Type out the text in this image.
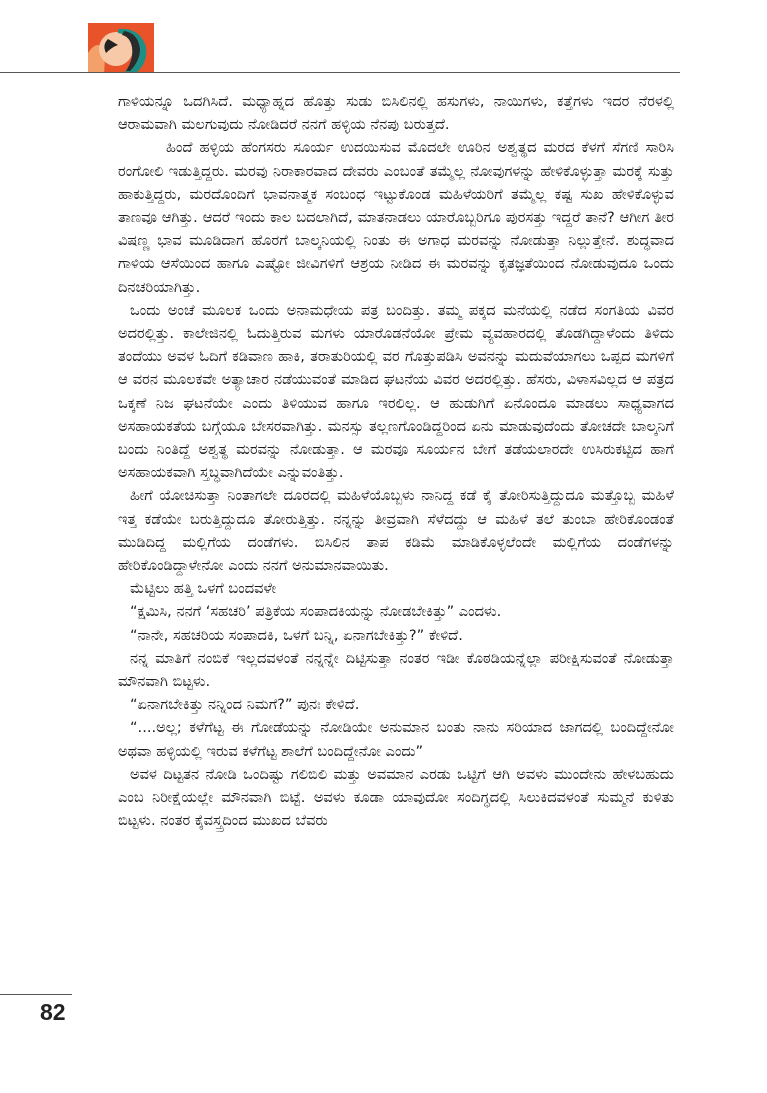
ಗಾಳಿಯನ್ನೂ ಒದಗಿಸಿದೆ. ಮಧ್ಯಾಹ್ನದ ಹೊತ್ತು ಸುಡು ಬಿಸಿಲಿನಲ್ಲಿ ಹಸುಗಳು, ನಾಯಿಗಳು, ಕತ್ತೆಗಳು ಇದರ ನೆರಳಲ್ಲಿ ಆರಾಮವಾಗಿ ಮಲಗುವುದು ನೋಡಿದರೆ ನನಗೆ ಹಳ್ಳಿಯ ನೆನಪು ಬರುತ್ತದೆ.

ಹಿಂದೆ ಹಳ್ಳಿಯ ಹೆಂಗಸರು ಸೂರ್ಯ ಉದಯಿಸುವ ಮೊದಲೇ ಊರಿನ ಅಶ್ವತ್ಥದ ಮರದ ಕೆಳಗೆ ಸೆಗಣಿ ಸಾರಿಸಿ ರಂಗೋಲಿ ಇಡುತ್ತಿದ್ದರು. ಮರವು ನಿರಾಕಾರವಾದ ದೇವರು ಎಂಬಂತೆ ತಮ್ಮೆಲ್ಲ ನೋವುಗಳನ್ನು ಹೇಳಿಕೊಳ್ಳುತ್ತಾ ಮರಕ್ಕೆ ಸುತ್ತು ಹಾಕುತ್ತಿದ್ದರು, ಮರದೊಂದಿಗೆ ಭಾವನಾತ್ಮಕ ಸಂಬಂಧ ಇಟ್ಟುಕೊಂಡ ಮಹಿಳೆಯರಿಗೆ ತಮ್ಮೆಲ್ಲ ಕಷ್ಟ ಸುಖ ಹೇಳಿಕೊಳ್ಳುವ ತಾಣವೂ ಆಗಿತ್ತು. ಆದರೆ ಇಂದು ಕಾಲ ಬದಲಾಗಿದೆ, ಮಾತನಾಡಲು ಯಾರೊಬ್ಬರಿಗೂ ಪುರಸತ್ತು ಇದ್ದರೆ ತಾನೆ? ಆಗೀಗ ತೀರ ವಿಷಣ್ಣ ಭಾವ ಮೂಡಿದಾಗ ಹೊರಗೆ ಬಾಲ್ಕನಿಯಲ್ಲಿ ನಿಂತು ಈ ಅಗಾಧ ಮರವನ್ನು ನೋಡುತ್ತಾ ನಿಲ್ಲುತ್ತೇನೆ. ಶುದ್ಧವಾದ ಗಾಳಿಯ ಆಸೆಯಿಂದ ಹಾಗೂ ಎಷ್ಟೋ ಜೀವಿಗಳಿಗೆ ಆಶ್ರಯ ನೀಡಿದ ಈ ಮರವನ್ನು ಕೃತಜ್ಞತೆಯಿಂದ ನೋಡುವುದೂ ಒಂದು ದಿನಚರಿಯಾಗಿತ್ತು.

ಒಂದು ಅಂಚೆ ಮೂಲಕ ಒಂದು ಅನಾಮಧೇಯ ಪತ್ರ ಬಂದಿತ್ತು. ತಮ್ಮ ಪಕ್ಕದ ಮನೆಯಲ್ಲಿ ನಡೆದ ಸಂಗತಿಯ ವಿವರ ಅದರಲ್ಲಿತ್ತು. ಕಾಲೇಜಿನಲ್ಲಿ ಓದುತ್ತಿರುವ ಮಗಳು ಯಾರೊಡನೆಯೋ ಪ್ರೇಮ ವ್ಯವಹಾರದಲ್ಲಿ ತೊಡಗಿದ್ದಾಳೆಂದು ತಿಳಿದು ತಂದೆಯು ಅವಳ ಓದಿಗೆ ಕಡಿವಾಣ ಹಾಕಿ, ತರಾತುರಿಯಲ್ಲಿ ವರ ಗೊತ್ತುಪಡಿಸಿ ಅವನನ್ನು ಮದುವೆಯಾಗಲು ಒಪ್ಪದ ಮಗಳಿಗೆ ಆ ವರನ ಮೂಲಕವೇ ಅತ್ಯಾಚಾರ ನಡೆಯುವಂತೆ ಮಾಡಿದ ಘಟನೆಯ ವಿವರ ಅದರಲ್ಲಿತ್ತು. ಹೆಸರು, ವಿಳಾಸವಿಲ್ಲದ ಆ ಪತ್ರದ ಒಕ್ಕಣೆ ನಿಜ ಘಟನೆಯೇ ಎಂದು ತಿಳಿಯುವ ಹಾಗೂ ಇರಲಿಲ್ಲ. ಆ ಹುಡುಗಿಗೆ ಏನೊಂದೂ ಮಾಡಲು ಸಾಧ್ಯವಾಗದ ಅಸಹಾಯಕತೆಯ ಬಗ್ಗೆಯೂ ಬೇಸರವಾಗಿತ್ತು. ಮನಸ್ಸು ತಲ್ಲಣಗೊಂಡಿದ್ದರಿಂದ ಏನು ಮಾಡುವುದೆಂದು ತೋಚದೇ ಬಾಲ್ಕನಿಗೆ ಬಂದು ನಿಂತಿದ್ದೆ ಅಶ್ವತ್ಥ ಮರವನ್ನು ನೋಡುತ್ತಾ. ಆ ಮರವೂ ಸೂರ್ಯನ ಬೇಗೆ ತಡೆಯಲಾರದೇ ಉಸಿರುಕಟ್ಟಿದ ಹಾಗೆ ಅಸಹಾಯಕವಾಗಿ ಸ್ತಬ್ಧವಾಗಿದೆಯೇ ಎನ್ನುವಂತಿತ್ತು.

ಹೀಗೆ ಯೋಚಿಸುತ್ತಾ ನಿಂತಾಗಲೇ ದೂರದಲ್ಲಿ ಮಹಿಳೆಯೊಬ್ಬಳು ನಾನಿದ್ದ ಕಡೆ ಕೈ ತೋರಿಸುತ್ತಿದ್ದುದೂ ಮತ್ತೊಬ್ಬ ಮಹಿಳೆ ಇತ್ತ ಕಡೆಯೇ ಬರುತ್ತಿದ್ದುದೂ ತೋರುತ್ತಿತ್ತು. ನನ್ನನ್ನು ತೀವ್ರವಾಗಿ ಸೆಳೆದದ್ದು ಆ ಮಹಿಳೆ ತಲೆ ತುಂಬಾ ಹೇರಿಕೊಂಡಂತೆ ಮುಡಿದಿದ್ದ ಮಲ್ಲಿಗೆಯ ದಂಡೆಗಳು. ಬಿಸಿಲಿನ ತಾಪ ಕಡಿಮೆ ಮಾಡಿಕೊಳ್ಳಲೆಂದೇ ಮಲ್ಲಿಗೆಯ ದಂಡೆಗಳನ್ನು ಹೇರಿಕೊಂಡಿದ್ದಾಳೇನೋ ಎಂದು ನನಗೆ ಅನುಮಾನವಾಯಿತು.

ಮೆಟ್ಟಿಲು ಹತ್ತಿ ಒಳಗೆ ಬಂದವಳೇ

“ಕ್ಷಮಿಸಿ, ನನಗೆ ‘ಸಹಚರಿ’ ಪತ್ರಿಕೆಯ ಸಂಪಾದಕಿಯನ್ನು ನೋಡಬೇಕಿತ್ತು” ಎಂದಳು.

“ನಾನೇ, ಸಹಚರಿಯ ಸಂಪಾದಕಿ, ಒಳಗೆ ಬನ್ನಿ, ಏನಾಗಬೇಕಿತ್ತು?” ಕೇಳಿದೆ.

ನನ್ನ ಮಾತಿಗೆ ನಂಬಿಕೆ ಇಲ್ಲದವಳಂತೆ ನನ್ನನ್ನೇ ದಿಟ್ಟಿಸುತ್ತಾ ನಂತರ ಇಡೀ ಕೊಠಡಿಯನ್ನೆಲ್ಲಾ ಪರೀಕ್ಷಿಸುವಂತೆ ನೋಡುತ್ತಾ ಮೌನವಾಗಿ ಬಿಟ್ಟಳು.

“ಏನಾಗಬೇಕಿತ್ತು ನನ್ನಿಂದ ನಿಮಗೆ?” ಪುನಃ ಕೇಳಿದೆ.

“....ಅಲ್ಲ; ಕಳೆಗೆಟ್ಟ ಈ ಗೋಡೆಯನ್ನು ನೋಡಿಯೇ ಅನುಮಾನ ಬಂತು ನಾನು ಸರಿಯಾದ ಜಾಗದಲ್ಲಿ ಬಂದಿದ್ದೇನೋ ಅಥವಾ ಹಳ್ಳಿಯಲ್ಲಿ ಇರುವ ಕಳೆಗೆಟ್ಟ ಶಾಲೆಗೆ ಬಂದಿದ್ದೇನೋ ಎಂದು”

ಅವಳ ದಿಟ್ಟತನ ನೋಡಿ ಒಂದಿಷ್ಟು ಗಲಿಬಿಲಿ ಮತ್ತು ಅವಮಾನ ಎರಡು ಒಟ್ಟಿಗೆ ಆಗಿ ಅವಳು ಮುಂದೇನು ಹೇಳಬಹುದು ಎಂಬ ನಿರೀಕ್ಷೆಯಲ್ಲೇ ಮೌನವಾಗಿ ಬಿಟ್ಟೆ. ಅವಳು ಕೂಡಾ ಯಾವುದೋ ಸಂದಿಗ್ಧದಲ್ಲಿ ಸಿಲುಕಿದವಳಂತೆ ಸುಮ್ಮನೆ ಕುಳಿತು ಬಿಟ್ಟಳು. ನಂತರ ಕೈವಸ್ತ್ರದಿಂದ ಮುಖದ ಬೆವರು

82
